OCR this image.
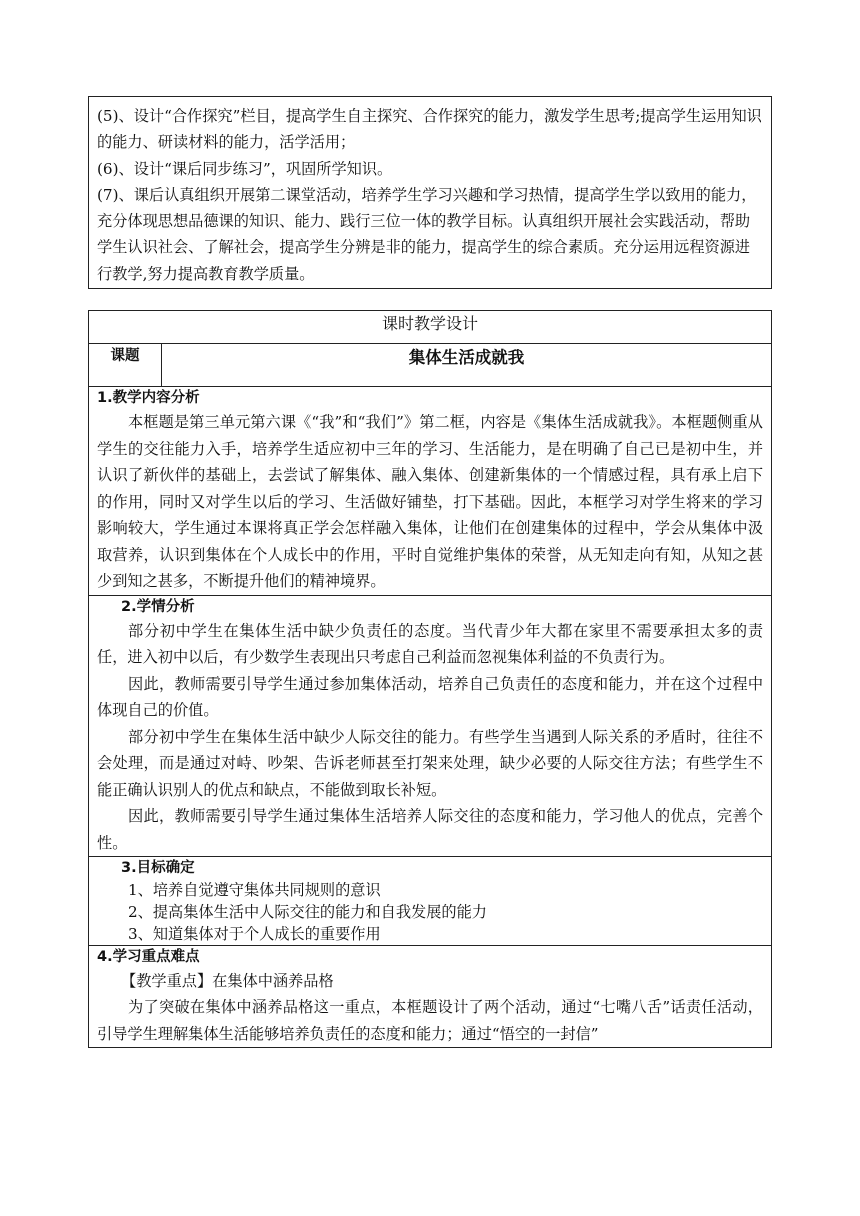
(5)、设计“合作探究”栏目，提高学生自主探究、合作探究的能力，激发学生思考;提高学生运用知识的能力、研读材料的能力，活学活用；

(6)、设计“课后同步练习”，巩固所学知识。

(7)、课后认真组织开展第二课堂活动，培养学生学习兴趣和学习热情，提高学生学以致用的能力，充分体现思想品德课的知识、能力、践行三位一体的教学目标。认真组织开展社会实践活动，帮助学生认识社会、了解社会，提高学生分辨是非的能力，提高学生的综合素质。充分运用远程资源进行教学,努力提高教育教学质量。

课时教学设计
课题	集体生活成就我

1.教学内容分析

本框题是第三单元第六课《“我”和“我们”》第二框，内容是《集体生活成就我》。本框题侧重从学生的交往能力入手，培养学生适应初中三年的学习、生活能力，是在明确了自己已是初中生，并认识了新伙伴的基础上，去尝试了解集体、融入集体、创建新集体的一个情感过程，具有承上启下的作用，同时又对学生以后的学习、生活做好铺垫，打下基础。因此，本框学习对学生将来的学习影响较大，学生通过本课将真正学会怎样融入集体，让他们在创建集体的过程中，学会从集体中汲取营养，认识到集体在个人成长中的作用，平时自觉维护集体的荣誉，从无知走向有知，从知之甚少到知之甚多，不断提升他们的精神境界。

2.学情分析

部分初中学生在集体生活中缺少负责任的态度。当代青少年大都在家里不需要承担太多的责任，进入初中以后，有少数学生表现出只考虑自己利益而忽视集体利益的不负责行为。

因此，教师需要引导学生通过参加集体活动，培养自己负责任的态度和能力，并在这个过程中体现自己的价值。

部分初中学生在集体生活中缺少人际交往的能力。有些学生当遇到人际关系的矛盾时，往往不会处理，而是通过对峙、吵架、告诉老师甚至打架来处理，缺少必要的人际交往方法；有些学生不能正确认识别人的优点和缺点，不能做到取长补短。

因此，教师需要引导学生通过集体生活培养人际交往的态度和能力，学习他人的优点，完善个性。

3.目标确定

1、培养自觉遵守集体共同规则的意识

2、提高集体生活中人际交往的能力和自我发展的能力

3、知道集体对于个人成长的重要作用

4.学习重点难点

【教学重点】在集体中涵养品格

为了突破在集体中涵养品格这一重点，本框题设计了两个活动，通过“七嘴八舌”话责任活动，引导学生理解集体生活能够培养负责任的态度和能力；通过“悟空的一封信”
